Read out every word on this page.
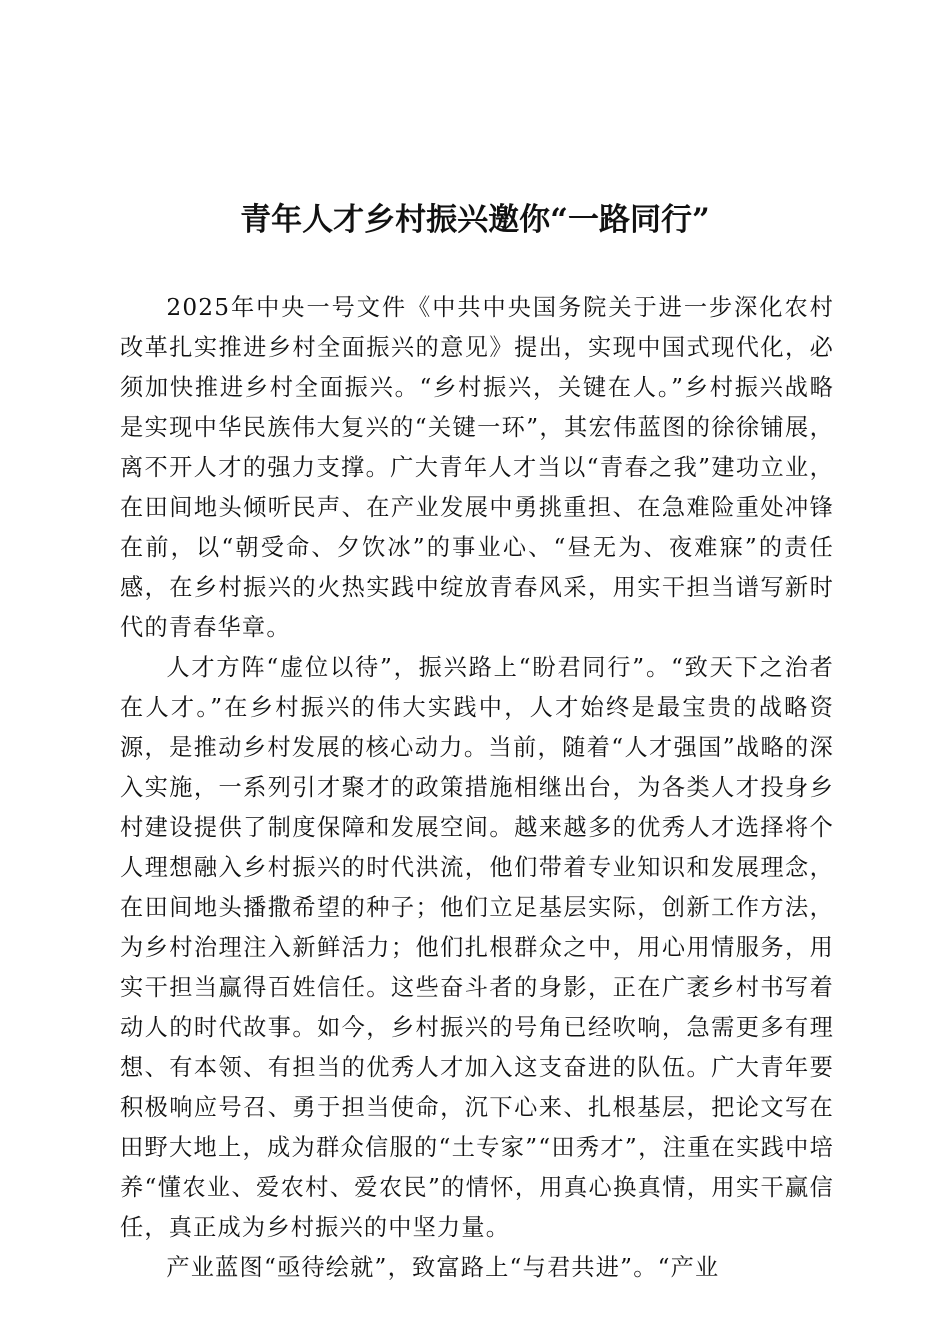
青年人才乡村振兴邀你“一路同行”

2025年中央一号文件《中共中央国务院关于进一步深化农村改革扎实推进乡村全面振兴的意见》提出，实现中国式现代化，必须加快推进乡村全面振兴。“乡村振兴，关键在人。”乡村振兴战略是实现中华民族伟大复兴的“关键一环”，其宏伟蓝图的徐徐铺展，离不开人才的强力支撑。广大青年人才当以“青春之我”建功立业，在田间地头倾听民声、在产业发展中勇挑重担、在急难险重处冲锋在前，以“朝受命、夕饮冰”的事业心、“昼无为、夜难寐”的责任感，在乡村振兴的火热实践中绽放青春风采，用实干担当谱写新时代的青春华章。

人才方阵“虚位以待”，振兴路上“盼君同行”。“致天下之治者在人才。”在乡村振兴的伟大实践中，人才始终是最宝贵的战略资源，是推动乡村发展的核心动力。当前，随着“人才强国”战略的深入实施，一系列引才聚才的政策措施相继出台，为各类人才投身乡村建设提供了制度保障和发展空间。越来越多的优秀人才选择将个人理想融入乡村振兴的时代洪流，他们带着专业知识和发展理念，在田间地头播撒希望的种子；他们立足基层实际，创新工作方法，为乡村治理注入新鲜活力；他们扎根群众之中，用心用情服务，用实干担当赢得百姓信任。这些奋斗者的身影，正在广袤乡村书写着动人的时代故事。如今，乡村振兴的号角已经吹响，急需更多有理想、有本领、有担当的优秀人才加入这支奋进的队伍。广大青年要积极响应号召、勇于担当使命，沉下心来、扎根基层，把论文写在田野大地上，成为群众信服的“土专家”“田秀才”，注重在实践中培养“懂农业、爱农村、爱农民”的情怀，用真心换真情，用实干赢信任，真正成为乡村振兴的中坚力量。

产业蓝图“亟待绘就”，致富路上“与君共进”。“产业
